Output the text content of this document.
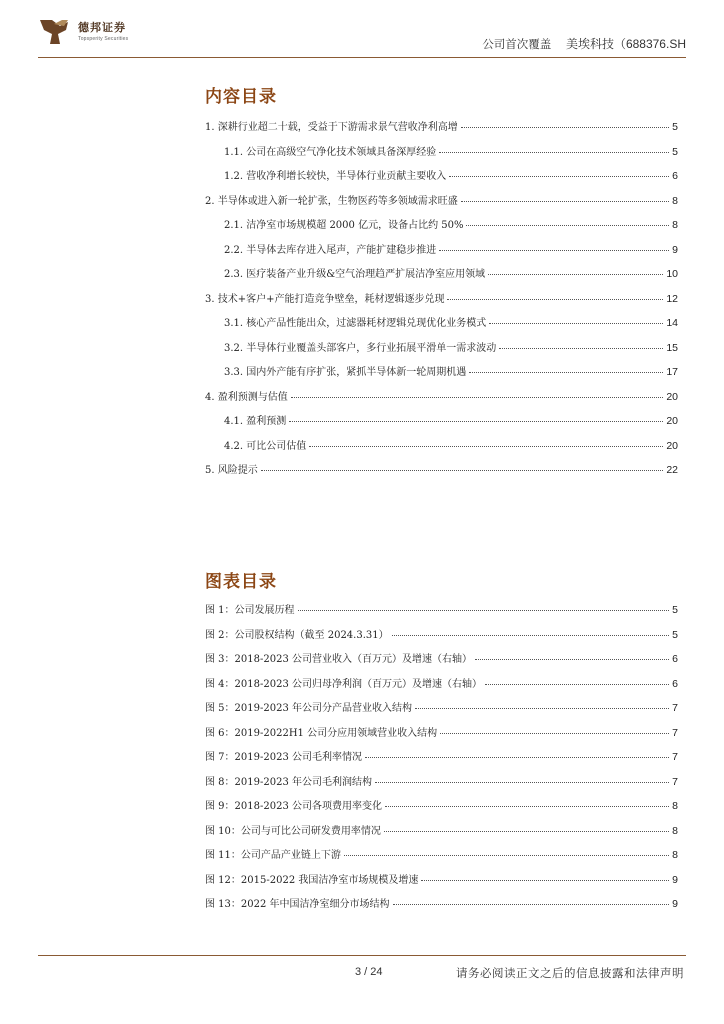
德邦证券
Topsperity Securities	公司首次覆盖 美埃科技（688376.SH
内容目录
1. 深耕行业超二十载，受益于下游需求景气营收净利高增	5
1.1. 公司在高级空气净化技术领域具备深厚经验	5
1.2. 营收净利增长较快，半导体行业贡献主要收入	6
2. 半导体或进入新一轮扩张，生物医药等多领域需求旺盛	8
2.1. 洁净室市场规模超 2000 亿元，设备占比约 50%	8
2.2. 半导体去库存进入尾声，产能扩建稳步推进	9
2.3. 医疗装备产业升级&空气治理趋严扩展洁净室应用领域	10
3. 技术+客户+产能打造竞争壁垒，耗材逻辑逐步兑现	12
3.1. 核心产品性能出众，过滤器耗材逻辑兑现优化业务模式	14
3.2. 半导体行业覆盖头部客户，多行业拓展平滑单一需求波动	15
3.3. 国内外产能有序扩张，紧抓半导体新一轮周期机遇	17
4. 盈利预测与估值	20
4.1. 盈利预测	20
4.2. 可比公司估值	20
5. 风险提示	22
图表目录
图 1：公司发展历程	5
图 2：公司股权结构（截至 2024.3.31）	5
图 3：2018-2023 公司营业收入（百万元）及增速（右轴）	6
图 4：2018-2023 公司归母净利润（百万元）及增速（右轴）	6
图 5：2019-2023 年公司分产品营业收入结构	7
图 6：2019-2022H1 公司分应用领域营业收入结构	7
图 7：2019-2023 公司毛利率情况	7
图 8：2019-2023 年公司毛利润结构	7
图 9：2018-2023 公司各项费用率变化	8
图 10：公司与可比公司研发费用率情况	8
图 11：公司产品产业链上下游	8
图 12：2015-2022 我国洁净室市场规模及增速	9
图 13：2022 年中国洁净室细分市场结构	9
3 / 24	请务必阅读正文之后的信息披露和法律声明
